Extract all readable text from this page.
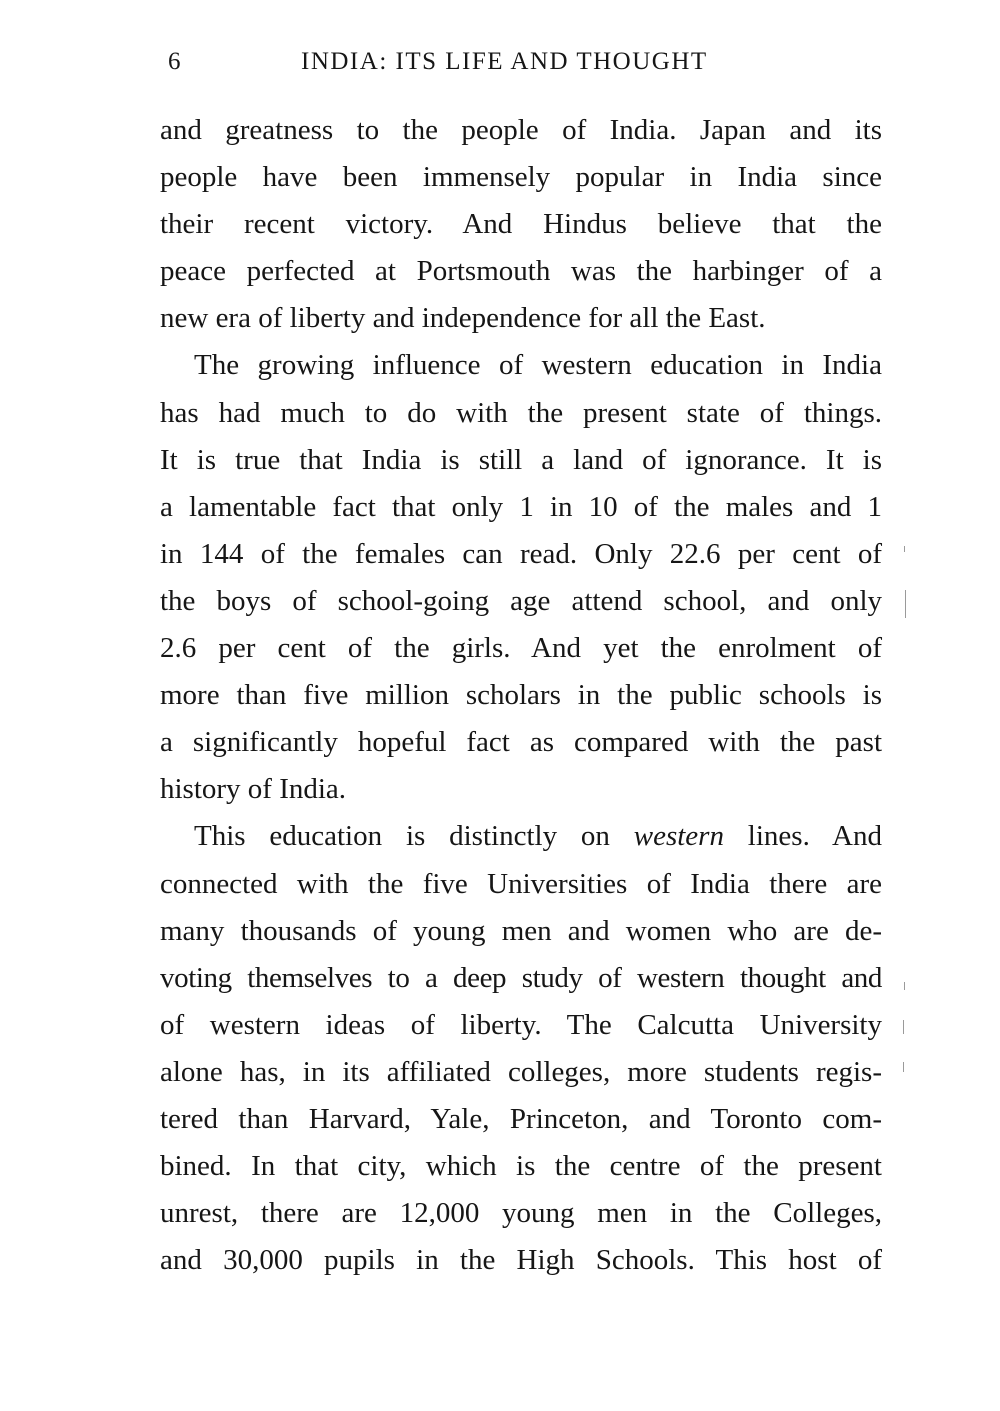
6	INDIA: ITS LIFE AND THOUGHT
and greatness to the people of India. Japan and its
people have been immensely popular in India since
their recent victory. And Hindus believe that the
peace perfected at Portsmouth was the harbinger of a
new era of liberty and independence for all the East.
The growing influence of western education in India
has had much to do with the present state of things.
It is true that India is still a land of ignorance. It is
a lamentable fact that only 1 in 10 of the males and 1
in 144 of the females can read. Only 22.6 per cent of
the boys of school-going age attend school, and only
2.6 per cent of the girls. And yet the enrolment of
more than five million scholars in the public schools is
a significantly hopeful fact as compared with the past
history of India.
This education is distinctly on western lines. And
connected with the five Universities of India there are
many thousands of young men and women who are de-
voting themselves to a deep study of western thought and
of western ideas of liberty. The Calcutta University
alone has, in its affiliated colleges, more students regis-
tered than Harvard, Yale, Princeton, and Toronto com-
bined. In that city, which is the centre of the present
unrest, there are 12,000 young men in the Colleges,
and 30,000 pupils in the High Schools. This host of
